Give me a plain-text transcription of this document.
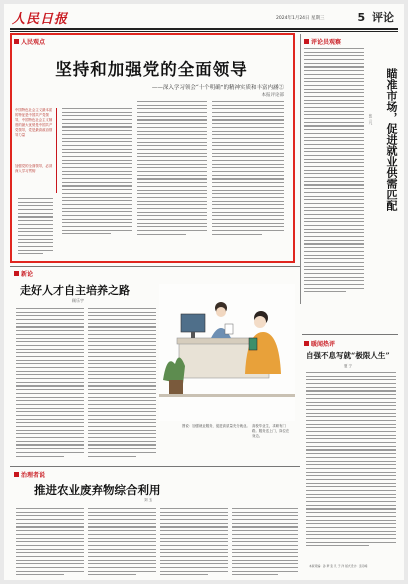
人民日报	2024年1月24日 星期三	5 评论
人民观点
坚持和加强党的全面领导
——深入学习领会“十个明确”的精神实质和丰富内涵②
本报评论部
中国特色社会主义最本质的特征是中国共产党领导，中国特色社会主义制度的最大优势是中国共产党领导，党是最高政治领导力量
加强党的全面领导，必须深入学习贯彻
评论员观察
瞄准市场，促进就业供需匹配
张三凡
新论
走好人才自主培养之路
顾乐宇
图说：加强就业服务，促进高质量充分就业。 高校毕业生，求职有门路。服务送上门，岗位在身边。
暖闻热评
自强不息写就“极限人生”
夏 宁
治理者说
推进农业废弃物综合利用
刘 玉
本版责编：孙 梦 张 凡 于 洋 版式设计：张丹峰
